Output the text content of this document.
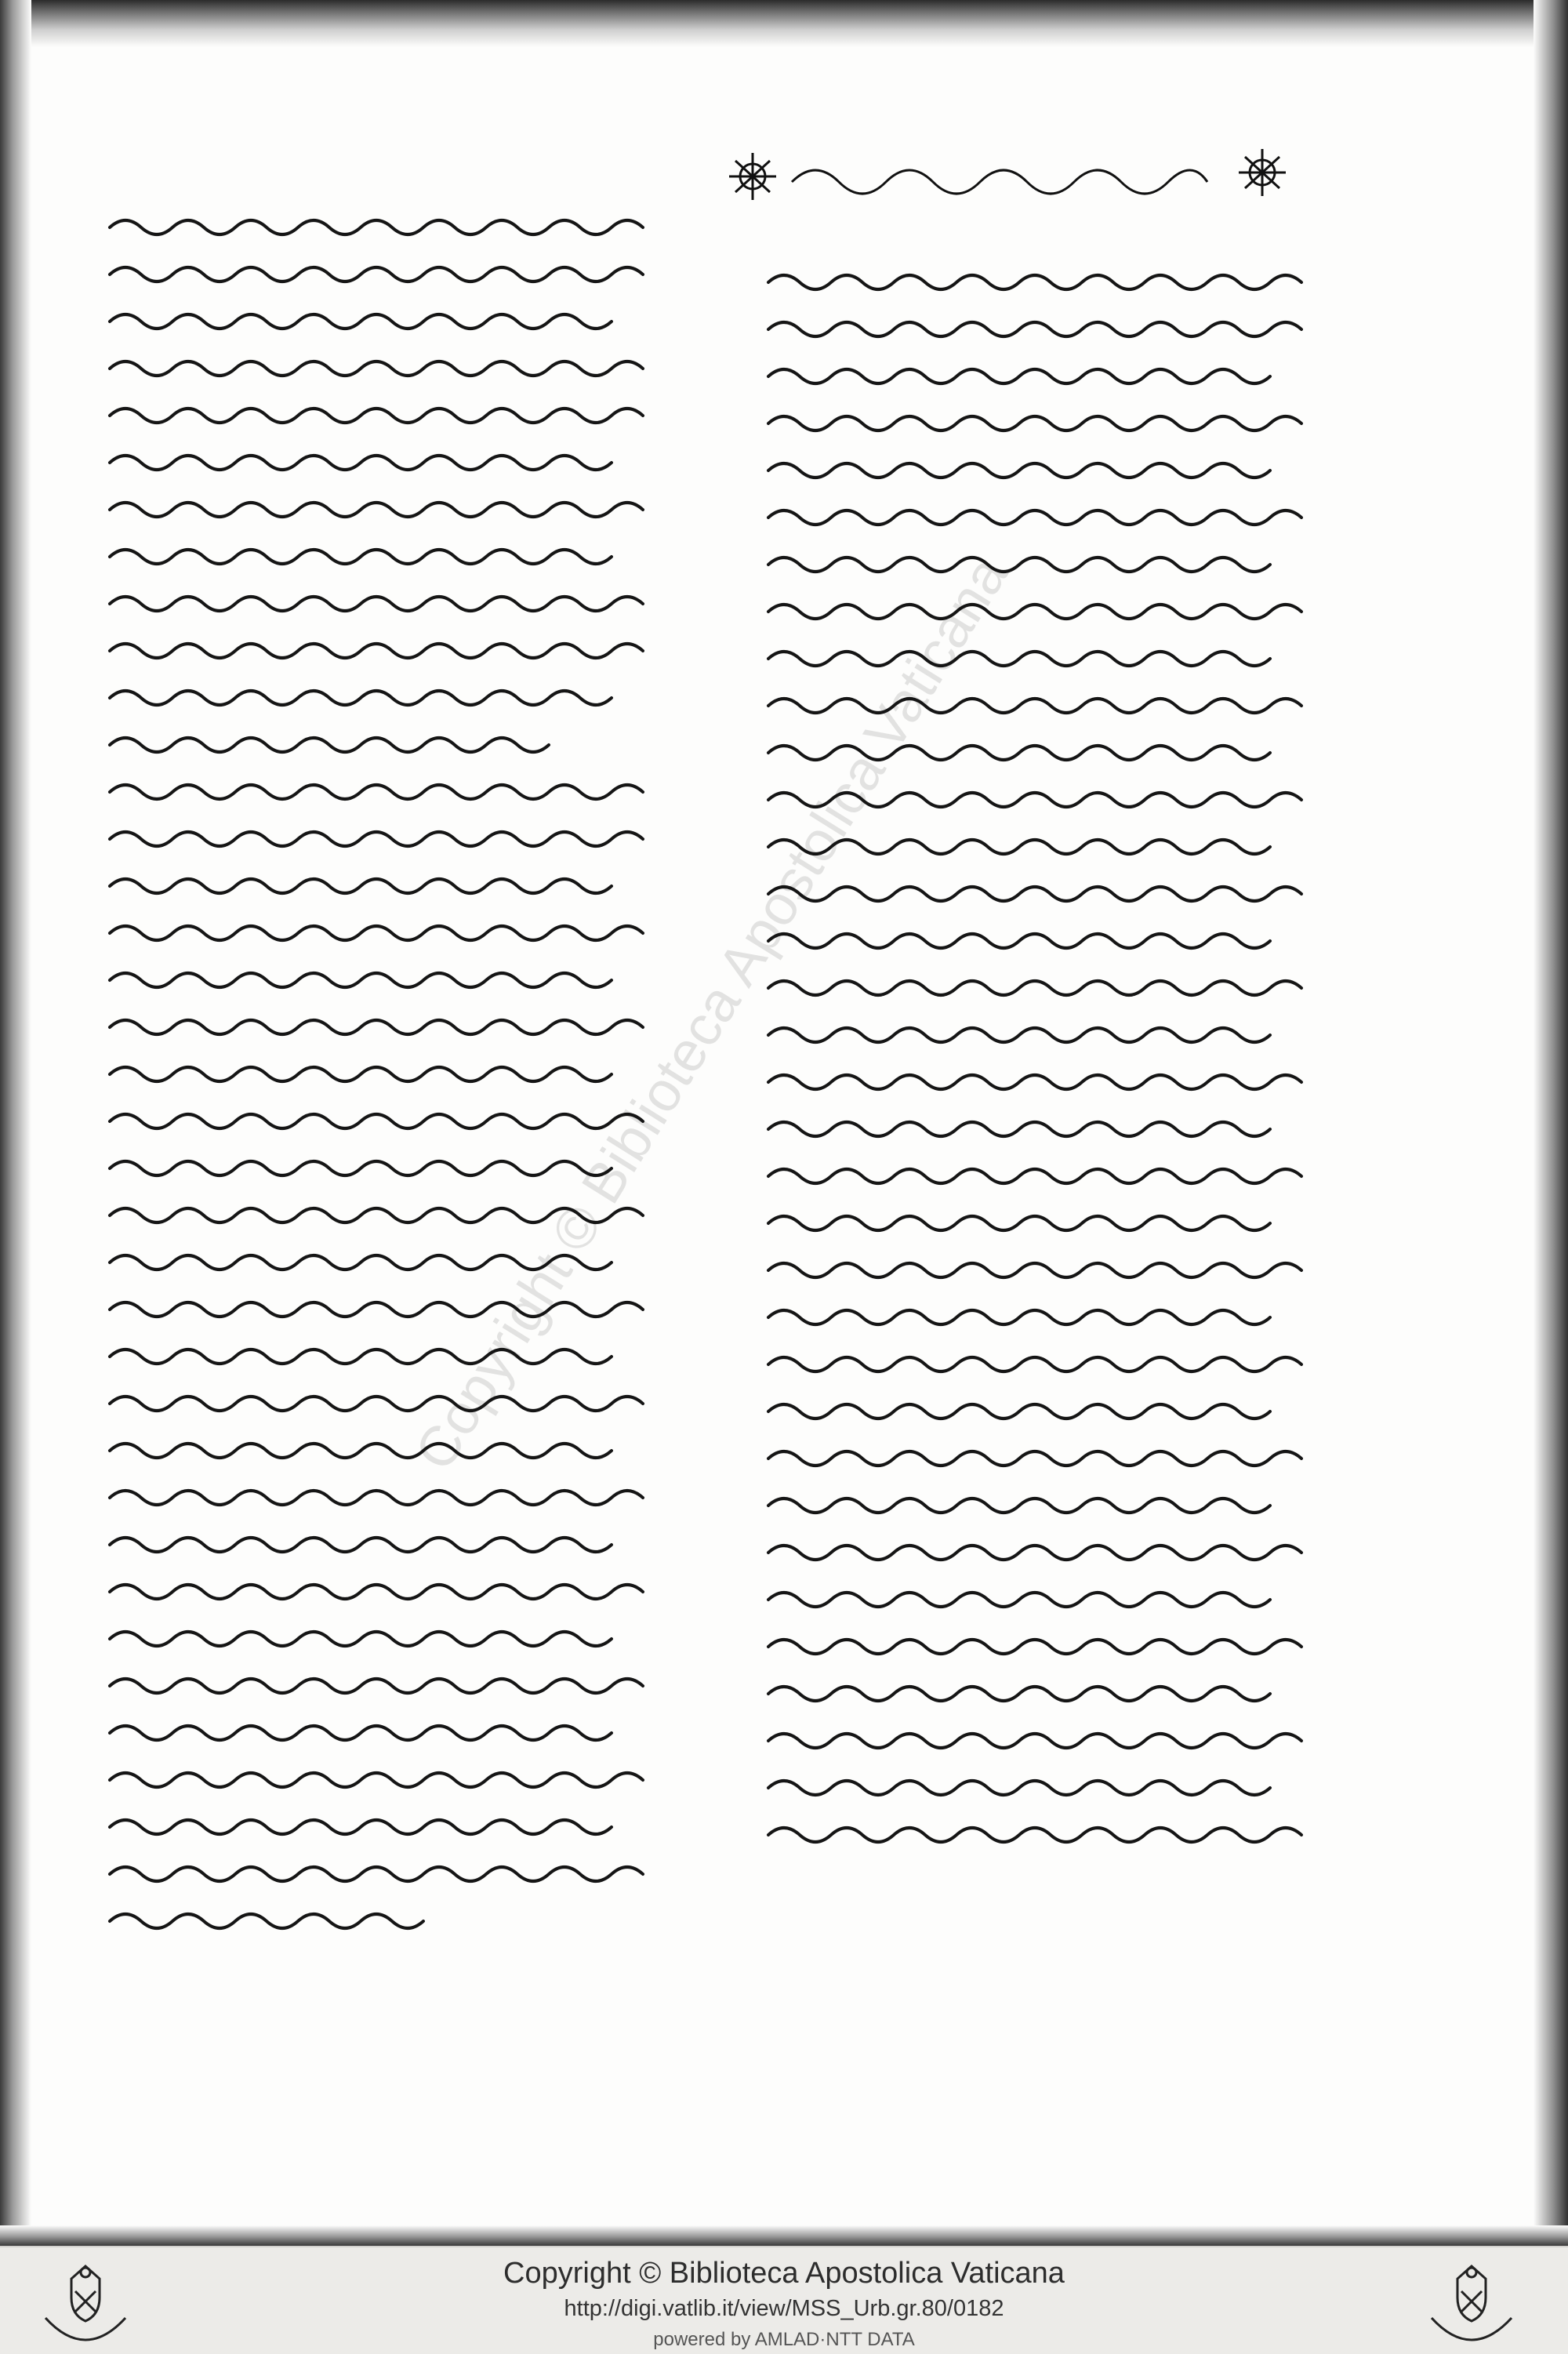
Copyright © Biblioteca Apostolica Vaticana
Copyright © Biblioteca Apostolica Vaticana
http://digi.vatlib.it/view/MSS_Urb.gr.80/0182
powered by AMLAD·NTT DATA
